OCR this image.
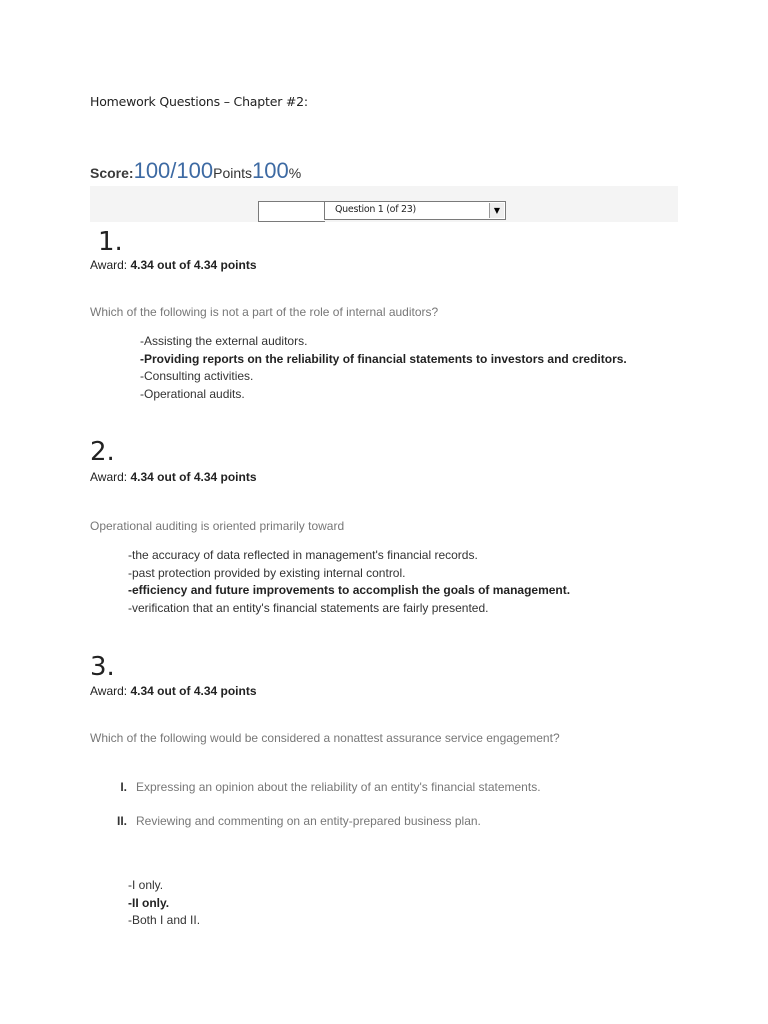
Homework Questions – Chapter #2:
Score:100/100Points100%
Question 1 (of 23)	▼
1.
Award: 4.34 out of 4.34 points
Which of the following is not a part of the role of internal auditors?
-Assisting the external auditors.
-Providing reports on the reliability of financial statements to investors and creditors.
-Consulting activities.
-Operational audits.
2.
Award: 4.34 out of 4.34 points
Operational auditing is oriented primarily toward
-the accuracy of data reflected in management's financial records.
-past protection provided by existing internal control.
-efficiency and future improvements to accomplish the goals of management.
-verification that an entity's financial statements are fairly presented.
3.
Award: 4.34 out of 4.34 points
Which of the following would be considered a nonattest assurance service engagement?
I. Expressing an opinion about the reliability of an entity's financial statements.
II. Reviewing and commenting on an entity-prepared business plan.
-I only.
-II only.
-Both I and II.
